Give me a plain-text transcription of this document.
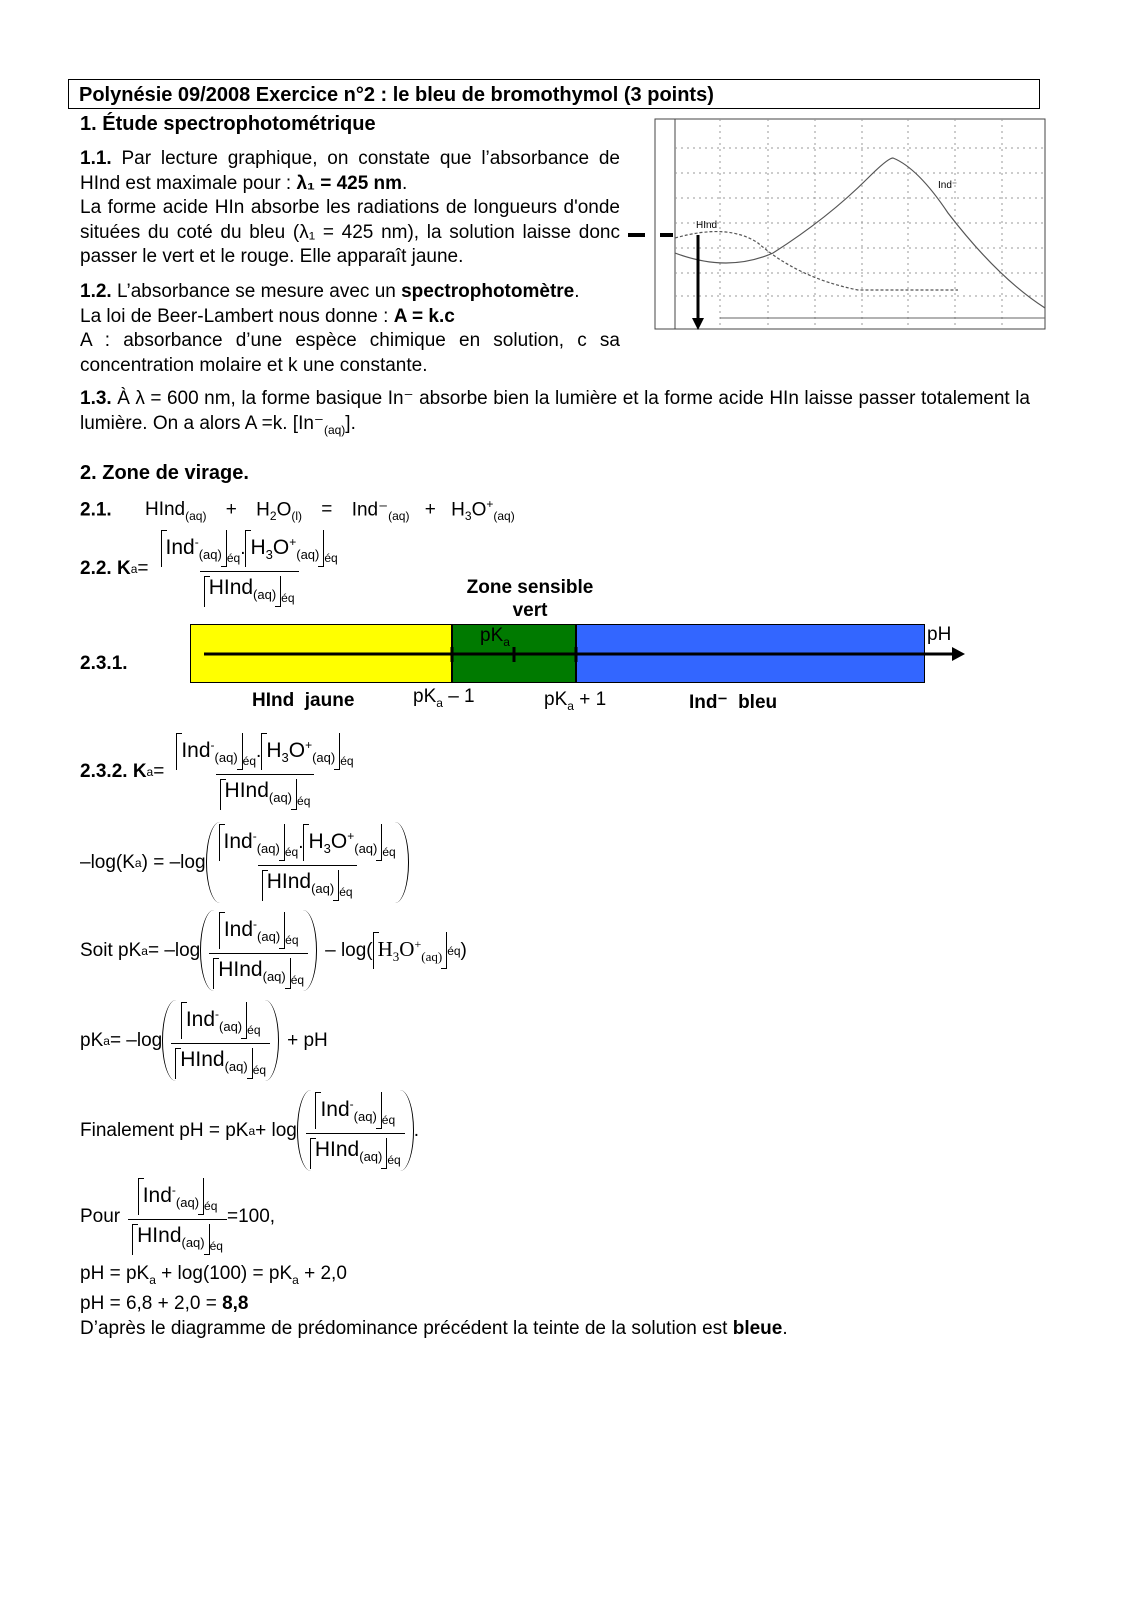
Polynésie 09/2008 Exercice n°2 : le bleu de bromothymol (3 points)
1. Étude spectrophotométrique
1.1. Par lecture graphique, on constate que l’absorbance de HInd est maximale pour : λ₁ = 425 nm.
La forme acide HIn absorbe les radiations de longueurs d'onde situées du coté du bleu (λ₁ = 425 nm), la solution laisse donc passer le vert et le rouge. Elle apparaît jaune.
1.2. L’absorbance se mesure avec un spectrophotomètre.
La loi de Beer-Lambert nous donne : A = k.c
A : absorbance d’une espèce chimique en solution, c sa concentration molaire et k une constante.
HInd
Ind⁻
1.3. À λ = 600 nm, la forme basique In⁻ absorbe bien la lumière et la forme acide HIn laisse passer totalement la lumière. On a alors A =k. $[In^-_{(aq)}]$.
2. Zone de virage.
2.1. HInd$_{(aq)}$ + $H_2O_{(l)} = Ind^-_{(aq)} + H_3O^+_{(aq)}$
2.2. K $a = \frac{Ind^-_{(aq)} _{éq}. H_3O^+_{(aq)} _{éq}}{HInd_{(aq)} _{éq}}$	Zone sensible
vert
2.3.1.
$pK_a$	pH
HInd  jaune	$pK_a - 1$	$pK_a + 1$	Ind⁻  bleu
2.3.2. K $a = \frac{Ind^-_{(aq)} _{éq}. H_3O^+_{(aq)} _{éq}}{HInd_{(aq)} _{éq}}$
–log(K a ) = $-\log \frac{Ind^-_{(aq)} _{éq}. H_3O^+_{(aq)} _{éq}}{HInd_{(aq)} _{éq}}$
Soit pK $a = -\log \frac{Ind^-_{(aq)} _{éq}}{HInd_{(aq)} _{éq}} - \log$( $H_3O^+_{(aq)}$ éq )
pK $a = -\log \frac{Ind^-_{(aq)} _{éq}}{HInd_{(aq)} _{éq}}$ + pH
Finalement pH = pK $a + \log \frac{Ind^-_{(aq)} _{éq}}{HInd_{(aq)} _{éq}}$ .
Pour $\frac{Ind^-_{(aq)} _{éq}}{HInd_{(aq)} _{éq}} =100$,
pH = $pK_a + \log(100) = pK_a + 2,0$
pH = 6,8 + 2,0 = 8,8
D’après le diagramme de prédominance précédent la teinte de la solution est bleue.
